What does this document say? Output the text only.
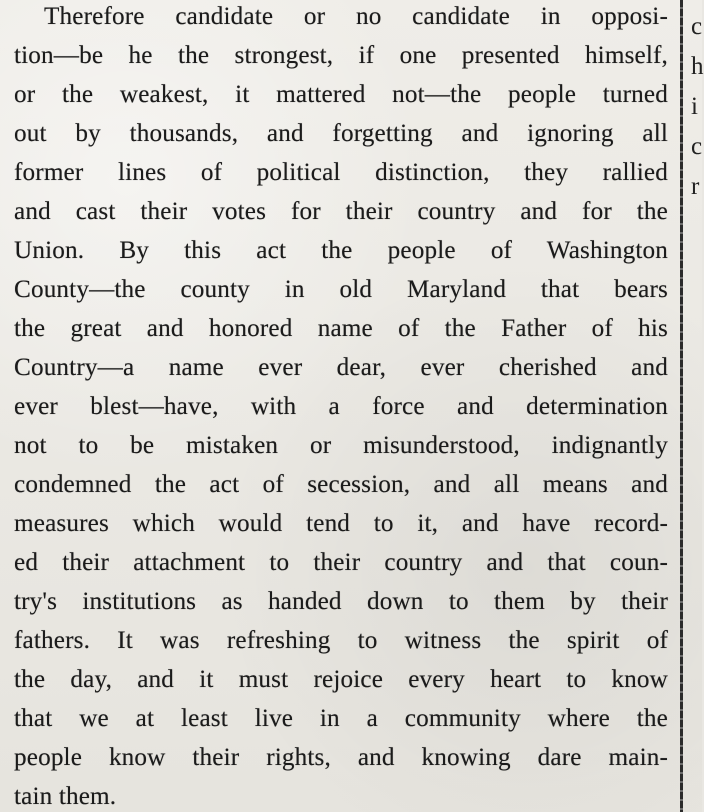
Therefore candidate or no candidate in opposi-
tion—be he the strongest, if one presented himself,
or the weakest, it mattered not—the people turned
out by thousands, and forgetting and ignoring all
former lines of political distinction, they rallied
and cast their votes for their country and for the
Union. By this act the people of Washington
County—the county in old Maryland that bears
the great and honored name of the Father of his
Country—a name ever dear, ever cherished and
ever blest—have, with a force and determination
not to be mistaken or misunderstood, indignantly
condemned the act of secession, and all means and
measures which would tend to it, and have record-
ed their attachment to their country and that coun-
try's institutions as handed down to them by their
fathers. It was refreshing to witness the spirit of
the day, and it must rejoice every heart to know
that we at least live in a community where the
people know their rights, and knowing dare main-
tain them.
c
h
i
c
r
